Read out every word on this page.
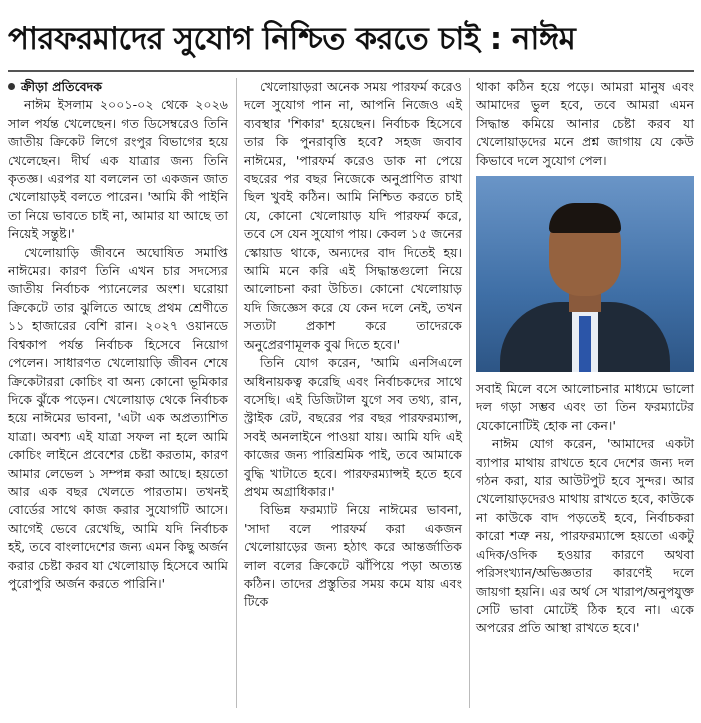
পারফরমাদের সুযোগ নিশ্চিত করতে চাই : নাঈম
ক্রীড়া প্রতিবেদক

নাঈম ইসলাম ২০০১-০২ থেকে ২০২৬ সাল পর্যন্ত খেলেছেন। গত ডিসেম্বরেও তিনি জাতীয় ক্রিকেট লিগে রংপুর বিভাগের হয়ে খেলেছেন। দীর্ঘ এক যাত্রার জন্য তিনি কৃতজ্ঞ। এরপর যা বললেন তা একজন জাত খেলোয়াড়ই বলতে পারেন। 'আমি কী পাইনি তা নিয়ে ভাবতে চাই না, আমার যা আছে তা নিয়েই সন্তুষ্ট।'

খেলোয়াড়ি জীবনে অঘোষিত সমাপ্তি নাঈমের। কারণ তিনি এখন চার সদস্যের জাতীয় নির্বাচক প্যানেলের অংশ। ঘরোয়া ক্রিকেটে তার ঝুলিতে আছে প্রথম শ্রেণীতে ১১ হাজারের বেশি রান। ২০২৭ ওয়ানডে বিশ্বকাপ পর্যন্ত নির্বাচক হিসেবে নিয়োগ পেলেন। সাধারণত খেলোয়াড়ি জীবন শেষে ক্রিকেটাররা কোচিং বা অন্য কোনো ভূমিকার দিকে ঝুঁকে পড়েন। খেলোয়াড় থেকে নির্বাচক হয়ে নাঈমের ভাবনা, 'এটা এক অপ্রত্যাশিত যাত্রা। অবশ্য এই যাত্রা সফল না হলে আমি কোচিং লাইনে প্রবেশের চেষ্টা করতাম, কারণ আমার লেভেল ১ সম্পন্ন করা আছে। হয়তো আর এক বছর খেলতে পারতাম। তখনই বোর্ডের সাথে কাজ করার সুযোগটি আসে। আগেই ভেবে রেখেছি, আমি যদি নির্বাচক হই, তবে বাংলাদেশের জন্য এমন কিছু অর্জন করার চেষ্টা করব যা খেলোয়াড় হিসেবে আমি পুরোপুরি অর্জন করতে পারিনি।'

খেলোয়াড়রা অনেক সময় পারফর্ম করেও দলে সুযোগ পান না, আপনি নিজেও এই ব্যবস্থার 'শিকার' হয়েছেন। নির্বাচক হিসেবে তার কি পুনরাবৃত্তি হবে? সহজ জবাব নাঈমের, 'পারফর্ম করেও ডাক না পেয়ে বছরের পর বছর নিজেকে অনুপ্রাণিত রাখা ছিল খুবই কঠিন। আমি নিশ্চিত করতে চাই যে, কোনো খেলোয়াড় যদি পারফর্ম করে, তবে সে যেন সুযোগ পায়। কেবল ১৫ জনের স্কোয়াড থাকে, অন্যদের বাদ দিতেই হয়। আমি মনে করি এই সিদ্ধান্তগুলো নিয়ে আলোচনা করা উচিত। কোনো খেলোয়াড় যদি জিজ্ঞেস করে যে কেন দলে নেই, তখন সত্যটা প্রকাশ করে তাদেরকে অনুপ্রেরণামূলক বুঝ দিতে হবে।'

তিনি যোগ করেন, 'আমি এনসিএলে অধিনায়কত্ব করেছি এবং নির্বাচকদের সাথে বসেছি। এই ডিজিটাল যুগে সব তথ্য, রান, স্ট্রাইক রেট, বছরের পর বছর পারফরম্যান্স, সবই অনলাইনে পাওয়া যায়। আমি যদি এই কাজের জন্য পারিশ্রমিক পাই, তবে আমাকে বুদ্ধি খাটাতে হবে। পারফরম্যান্সই হতে হবে প্রথম অগ্রাধিকার।'

বিভিন্ন ফরম্যাট নিয়ে নাঈমের ভাবনা, 'সাদা বলে পারফর্ম করা একজন খেলোয়াড়ের জন্য হঠাৎ করে আন্তর্জাতিক লাল বলের ক্রিকেটে ঝাঁপিয়ে পড়া অত্যন্ত কঠিন। তাদের প্রস্তুতির সময় কমে যায় এবং টিকে

থাকা কঠিন হয়ে পড়ে। আমরা মানুষ এবং আমাদের ভুল হবে, তবে আমরা এমন সিদ্ধান্ত কমিয়ে আনার চেষ্টা করব যা খেলোয়াড়দের মনে প্রশ্ন জাগায় যে কেউ কিভাবে দলে সুযোগ পেল।

সবাই মিলে বসে আলোচনার মাধ্যমে ভালো দল গড়া সম্ভব এবং তা তিন ফরম্যাটের যেকোনোটিই হোক না কেন।'

নাঈম যোগ করেন, 'আমাদের একটা ব্যাপার মাথায় রাখতে হবে দেশের জন্য দল গঠন করা, যার আউটপুট হবে সুন্দর। আর খেলোয়াড়দেরও মাথায় রাখতে হবে, কাউকে না কাউকে বাদ পড়তেই হবে, নির্বাচকরা কারো শত্রু নয়, পারফরম্যান্সে হয়তো একটু এদিক/ওদিক হওয়ার কারণে অথবা পরিসংখ্যান/অভিজ্ঞতার কারণেই দলে জায়গা হয়নি। এর অর্থ সে খারাপ/অনুপযুক্ত সেটি ভাবা মোটেই ঠিক হবে না। একে অপরের প্রতি আস্থা রাখতে হবে।'
